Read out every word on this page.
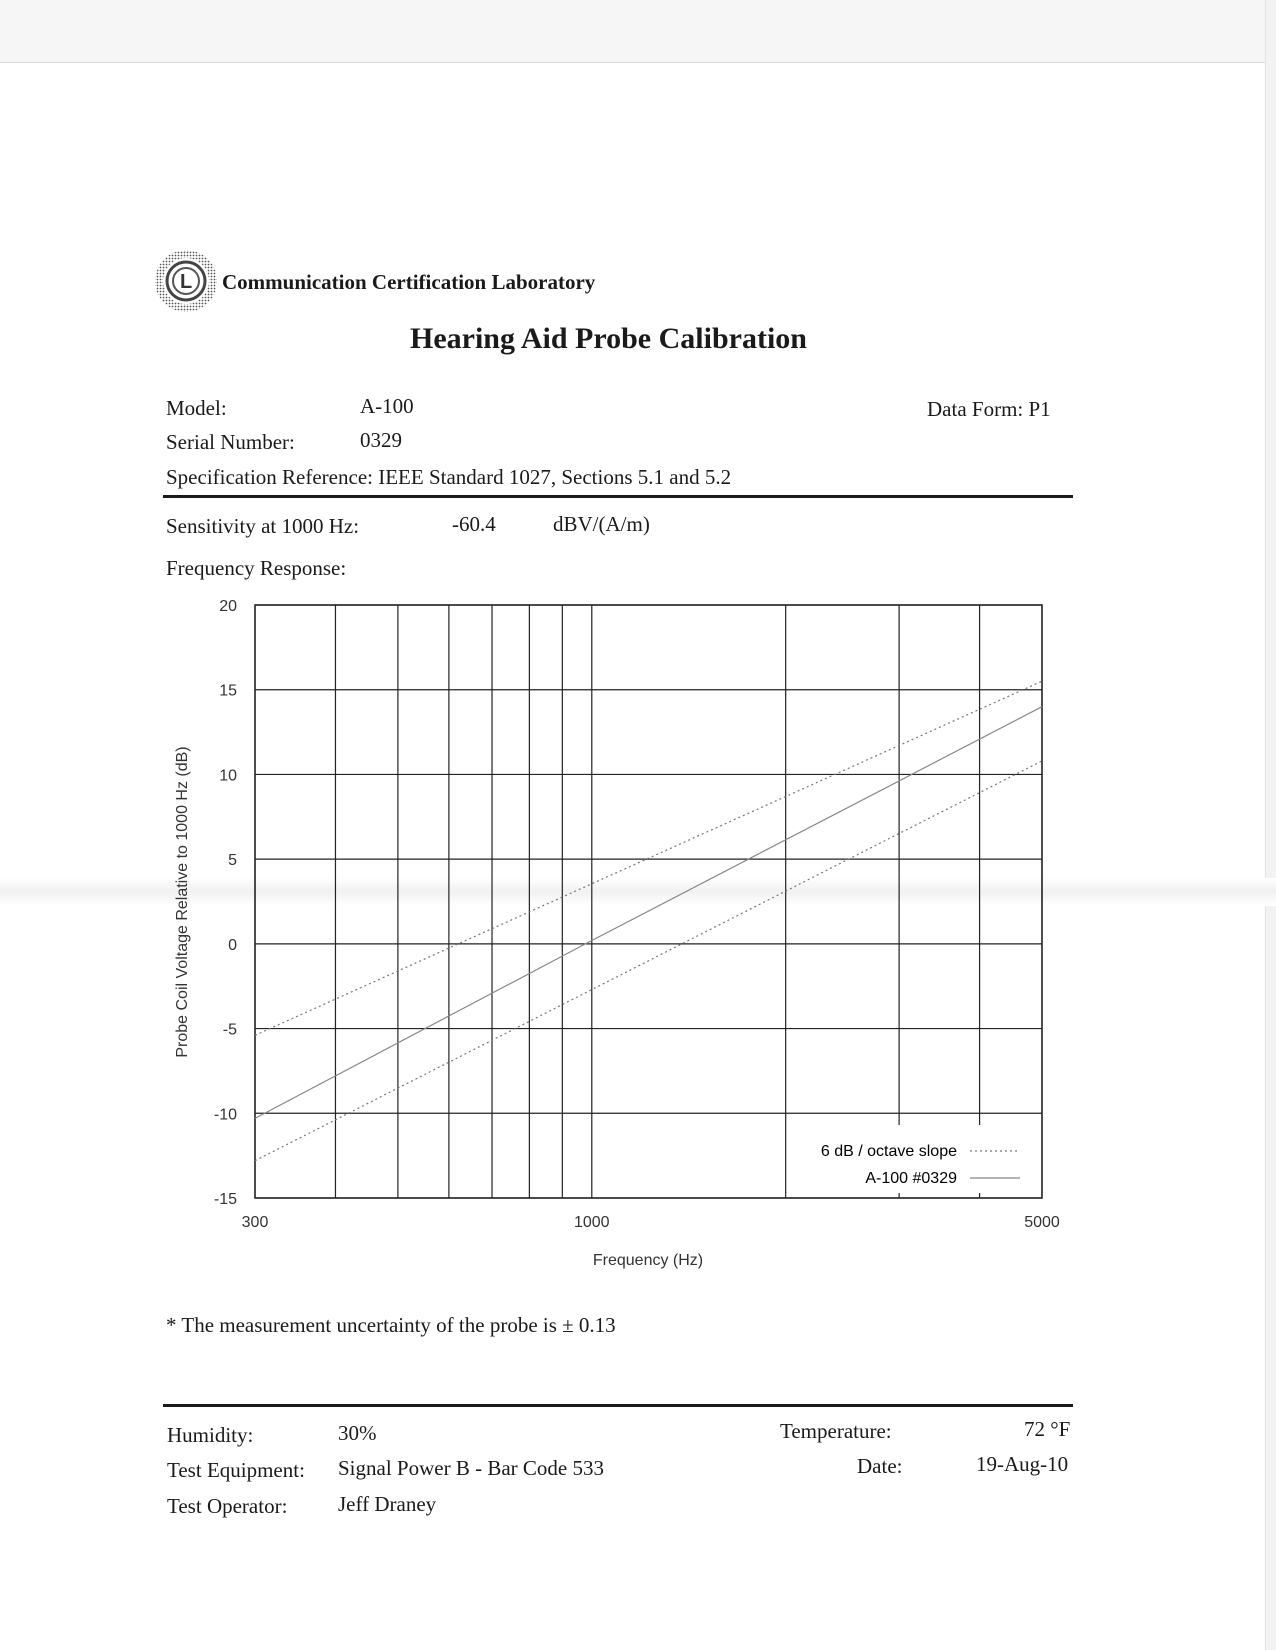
L Communication Certification Laboratory
Hearing Aid Probe Calibration
Model:	A-100	Data Form: P1
Serial Number:	0329
Specification Reference: IEEE Standard 1027, Sections 5.1 and 5.2
Sensitivity at 1000 Hz:	-60.4	dBV/(A/m)
Frequency Response:
20
15
10
5
0
-5
-10
-15
300	1000	5000
Probe Coil Voltage Relative to 1000 Hz (dB)
Frequency (Hz)
6 dB / octave slope
A-100 #0329
* The measurement uncertainty of the probe is ± 0.13
Humidity:	30%	Temperature:	72 °F
Test Equipment: Signal Power B - Bar Code 533	Date:	19-Aug-10
Test Operator: Jeff Draney
